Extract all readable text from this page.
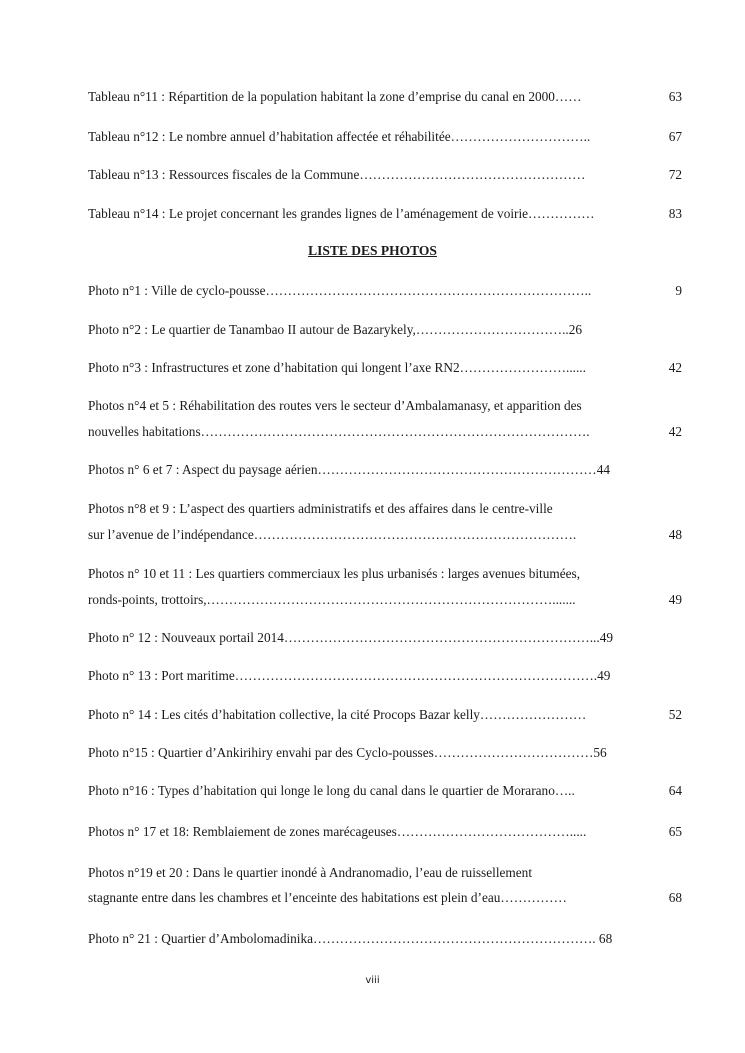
Tableau n°11 : Répartition de la population habitant la zone d’emprise du canal en 2000……	63
Tableau n°12 : Le nombre annuel d’habitation affectée et réhabilitée…………………………..	67
Tableau n°13 : Ressources fiscales de la Commune……………………………………………	72
Tableau n°14 : Le projet concernant les grandes lignes de l’aménagement de voirie……………	83
LISTE DES PHOTOS
Photo n°1 : Ville de cyclo-pousse………………………………………………………………..	9
Photo n°2 : Le quartier de Tanambao II autour de Bazarykely,……………………………..26
Photo n°3 : Infrastructures et zone d’habitation qui longent l’axe RN2……………………......	42
Photos n°4 et 5 : Réhabilitation des routes vers le secteur d’Ambalamanasy, et apparition des
nouvelles habitations…………………………………………………………………………….	42
Photos n° 6 et 7 : Aspect du paysage aérien………………………………………………………44
Photos n°8 et 9 : L’aspect des quartiers administratifs et des affaires dans le centre-ville
sur l’avenue de l’indépendance……………………………………………………………….	48
Photos n° 10 et 11 : Les quartiers commerciaux les plus urbanisés : larges avenues bitumées,
ronds-points, trottoirs,…………………………………………………………………….......	49
Photo n° 12 : Nouveaux portail 2014……………………………………………………………...49
Photo n° 13 : Port maritime……………………………………………………………………….49
Photo n° 14 : Les cités d’habitation collective, la cité Procops Bazar kelly……………………	52
Photo n°15 : Quartier d’Ankirihiry envahi par des Cyclo-pousses………………………………56
Photo n°16 : Types d’habitation qui longe le long du canal dans le quartier de Morarano…..	64
Photos n° 17 et 18: Remblaiement de zones marécageuses………………………………….....	65
Photos n°19 et 20 : Dans le quartier inondé à Andranomadio, l’eau de ruissellement
stagnante entre dans les chambres et l’enceinte des habitations est plein d’eau……………	68
Photo n° 21 : Quartier d’Ambolomadinika………………………………………………………. 68
viii
